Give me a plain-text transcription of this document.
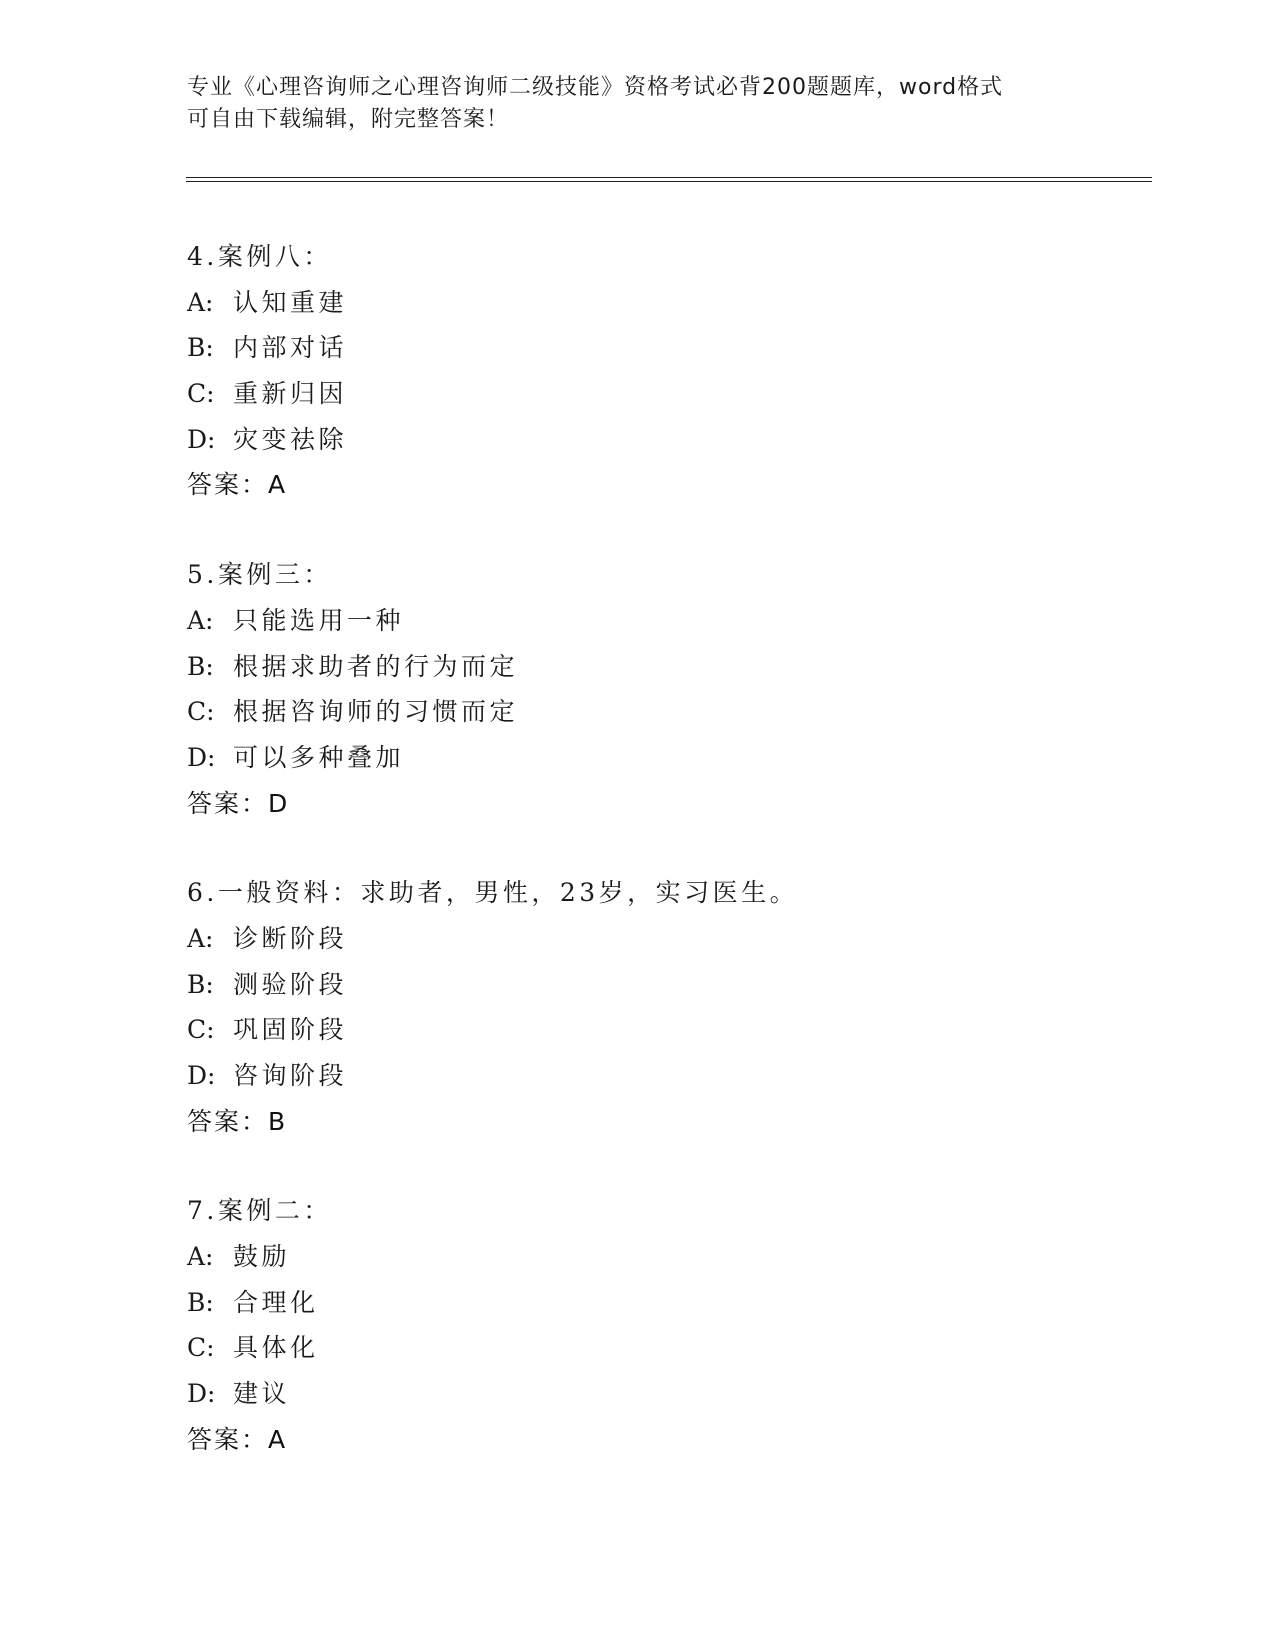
专业《心理咨询师之心理咨询师二级技能》资格考试必背200题题库，word格式
可自由下载编辑，附完整答案！
4.案例八：
A: 认知重建
B: 内部对话
C: 重新归因
D: 灾变祛除
答案：A
5.案例三：
A: 只能选用一种
B: 根据求助者的行为而定
C: 根据咨询师的习惯而定
D: 可以多种叠加
答案：D
6.一般资料：求助者，男性，23岁，实习医生。
A: 诊断阶段
B: 测验阶段
C: 巩固阶段
D: 咨询阶段
答案：B
7.案例二：
A: 鼓励
B: 合理化
C: 具体化
D: 建议
答案：A
